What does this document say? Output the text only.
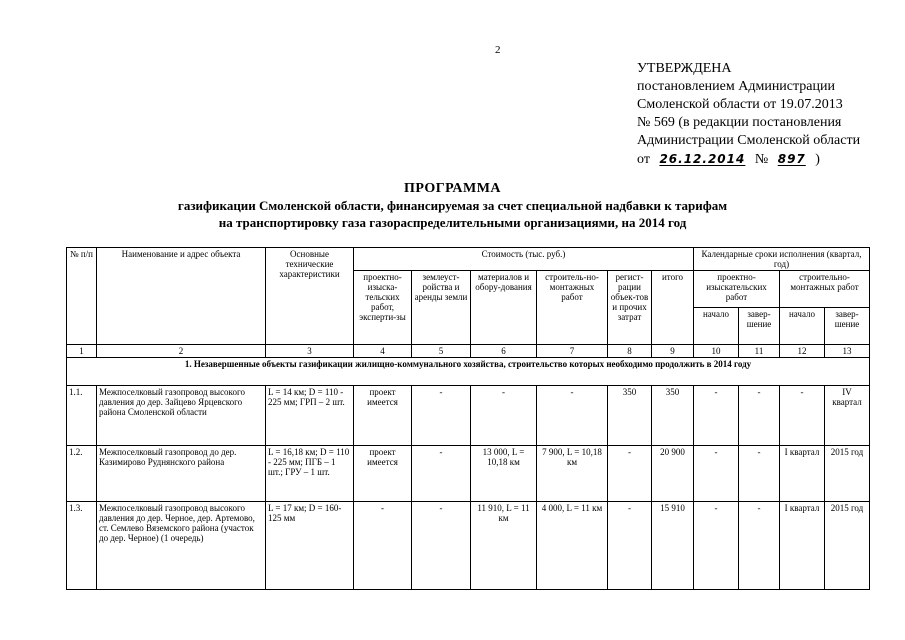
2
УТВЕРЖДЕНА
постановлением Администрации
Смоленской области от 19.07.2013
№ 569 (в редакции постановления
Администрации Смоленской области
от 26.12.2014 № 897 )
ПРОГРАММА
газификации Смоленской области, финансируемая за счет специальной надбавки к тарифам
на транспортировку газа газораспределительными организациями, на 2014 год
№ п/п	Наименование и адрес объекта	Основные технические характеристики	Стоимость (тыс. руб.)						Календарные сроки исполнения (квартал, год)			
			проектно-изыска-тельских работ, эксперти-зы	землеуст-ройства и аренды земли	материалов и обору-дования	строитель-но-монтажных работ	регист-рации объек-тов и прочих затрат	итого	проектно-изыскательских работ		строительно-монтажных работ	
									начало	завер-шение	начало	завер-шение
1	2	3	4	5	6	7	8	9	10	11	12	13
1. Незавершенные объекты газификации жилищно-коммунального хозяйства, строительство которых необходимо продолжить в 2014 году												
1.1.	Межпоселковый газопровод высокого давления до дер. Зайцево Ярцевского района Смоленской области	L = 14 км; D = 110 - 225 мм; ГРП – 2 шт.	проект имеется	-	-	-	350	350	-	-	-	IV квартал
1.2.	Межпоселковый газопровод до дер. Казимирово Руднянского района	L = 16,18 км; D = 110 - 225 мм; ПГБ – 1 шт.; ГРУ – 1 шт.	проект имеется	-	13 000, L = 10,18 км	7 900, L = 10,18 км	-	20 900	-	-	I квартал	2015 год
1.3.	Межпоселковый газопровод высокого давления до дер. Черное, дер. Артемово, ст. Семлево Вяземского района (участок до дер. Черное) (1 очередь)	L = 17 км; D = 160-125 мм	-	-	11 910, L = 11 км	4 000, L = 11 км	-	15 910	-	-	I квартал	2015 год
